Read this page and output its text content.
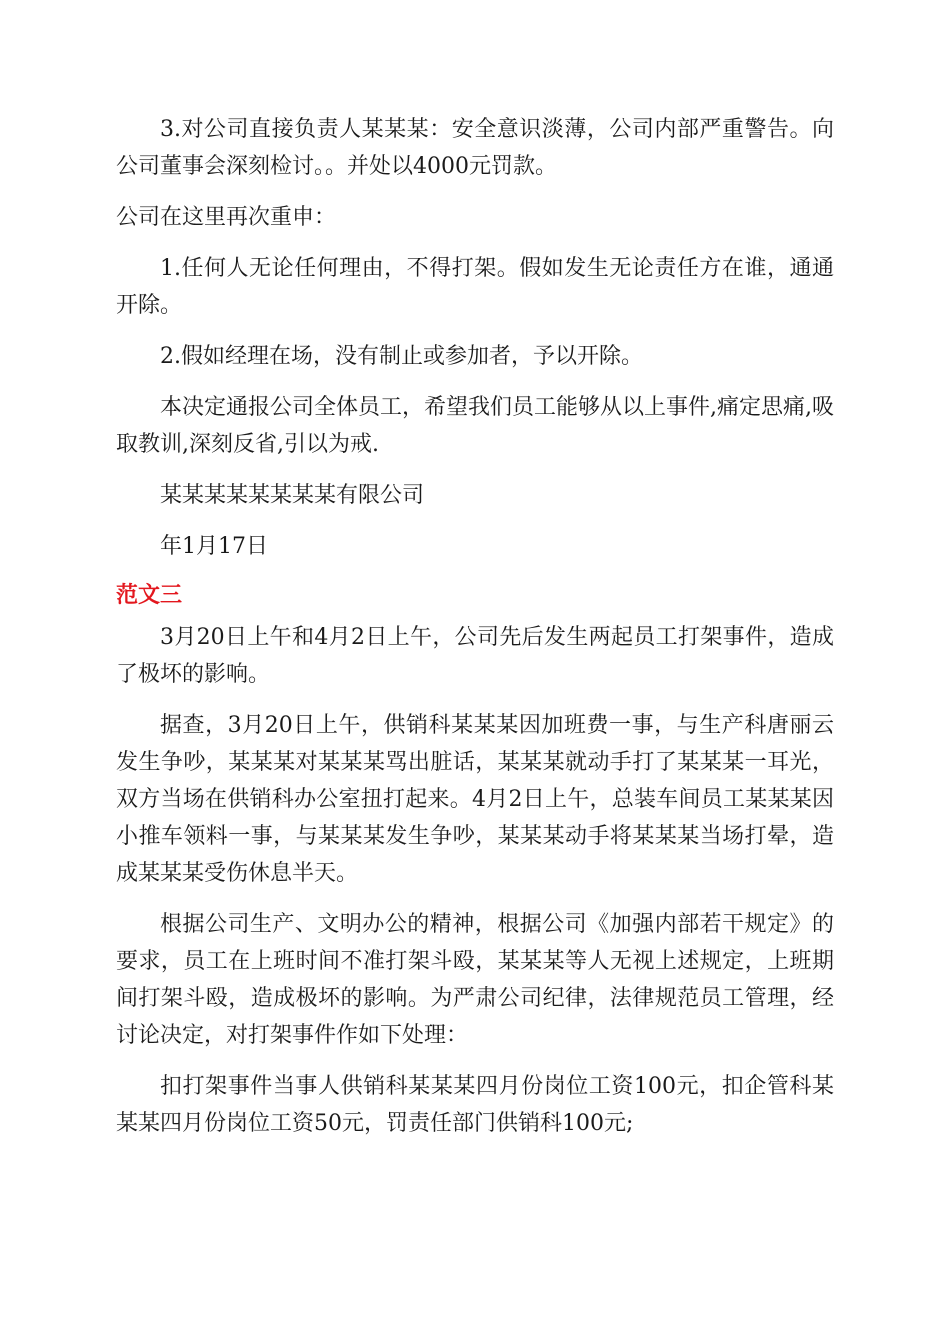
3.对公司直接负责人某某某：安全意识淡薄，公司内部严重警告。向公司董事会深刻检讨。。并处以4000元罚款。

公司在这里再次重申：

1.任何人无论任何理由，不得打架。假如发生无论责任方在谁，通通开除。

2.假如经理在场，没有制止或参加者，予以开除。

本决定通报公司全体员工，希望我们员工能够从以上事件,痛定思痛,吸取教训,深刻反省,引以为戒.

某某某某某某某某有限公司

年1月17日

范文三

3月20日上午和4月2日上午，公司先后发生两起员工打架事件，造成了极坏的影响。

据查，3月20日上午，供销科某某某因加班费一事，与生产科唐丽云发生争吵，某某某对某某某骂出脏话，某某某就动手打了某某某一耳光，双方当场在供销科办公室扭打起来。4月2日上午，总装车间员工某某某因小推车领料一事，与某某某发生争吵，某某某动手将某某某当场打晕，造成某某某受伤休息半天。

根据公司生产、文明办公的精神，根据公司《加强内部若干规定》的要求，员工在上班时间不准打架斗殴，某某某等人无视上述规定，上班期间打架斗殴，造成极坏的影响。为严肃公司纪律，法律规范员工管理，经讨论决定，对打架事件作如下处理：

扣打架事件当事人供销科某某某四月份岗位工资100元，扣企管科某某某四月份岗位工资50元，罚责任部门供销科100元;
